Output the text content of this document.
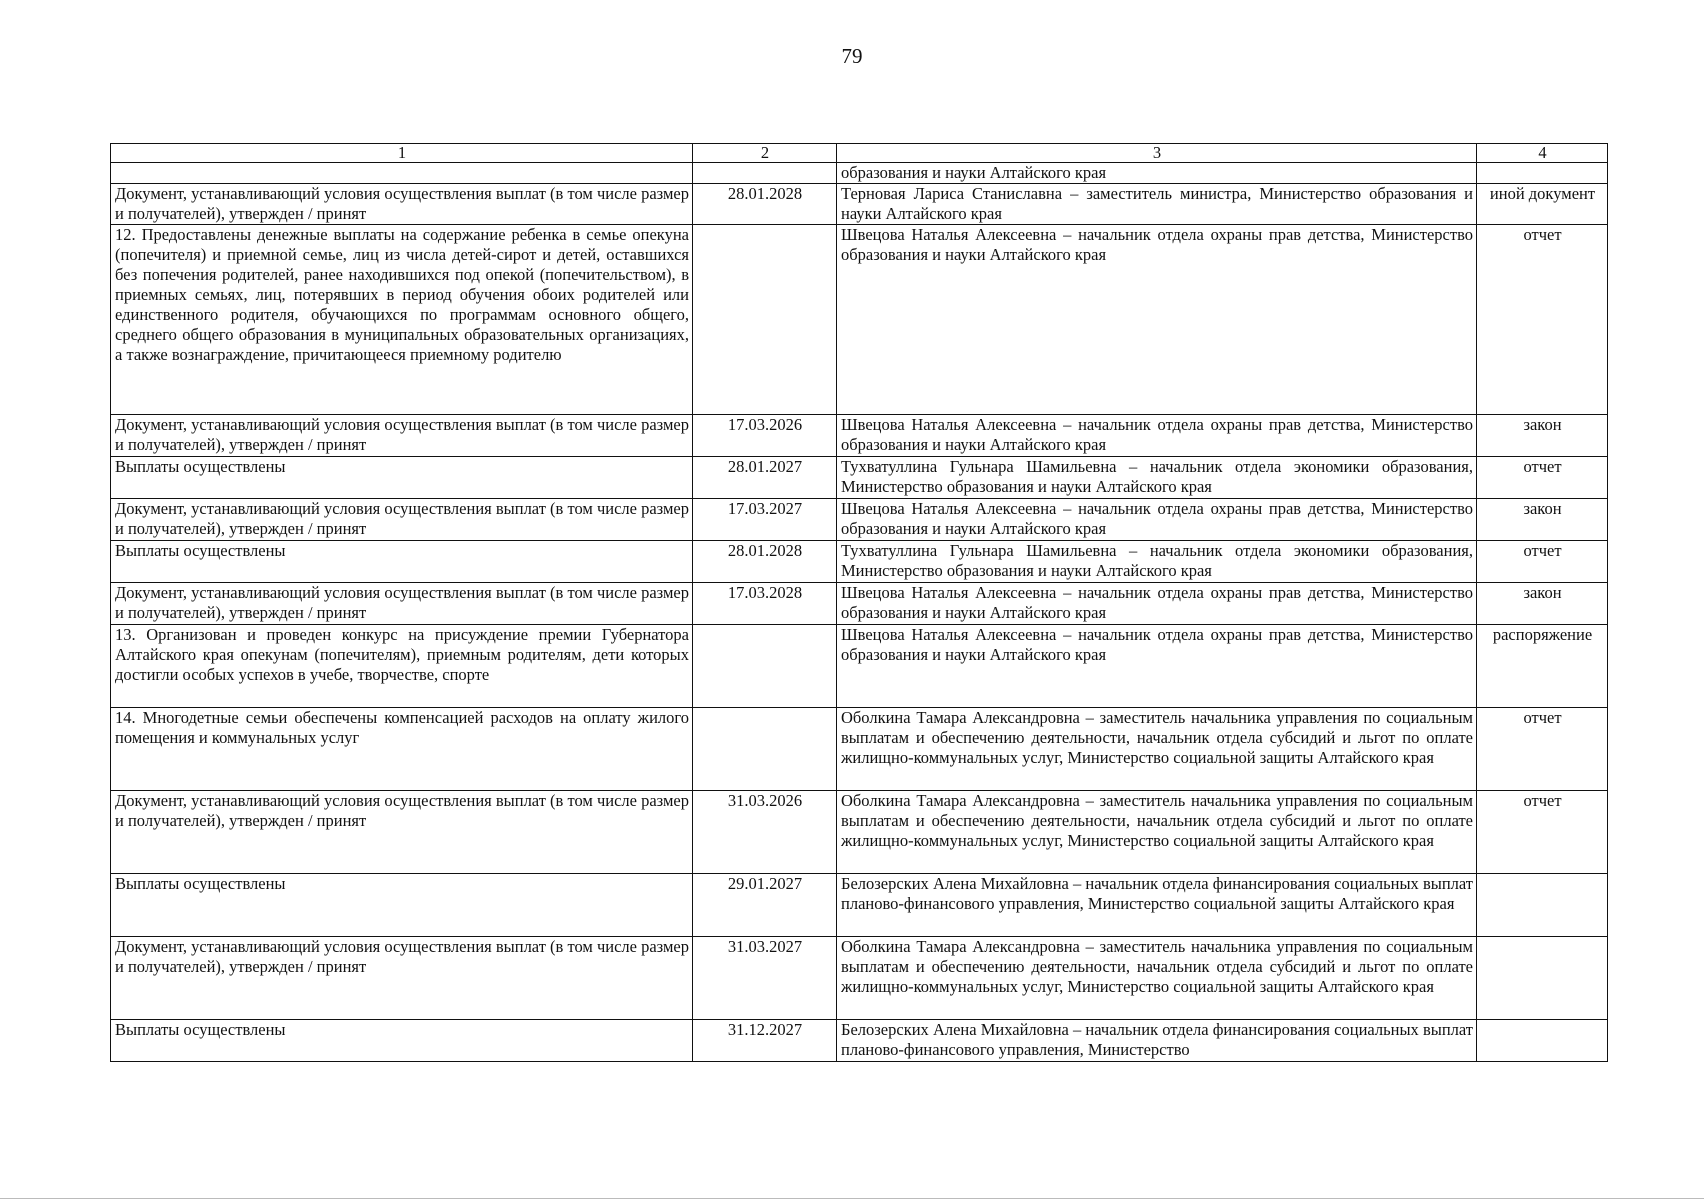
79
1	2	3	4
		образования и науки Алтайского края	
Документ, устанавливающий условия осуществления выплат (в том числе размер и получателей), утвержден / принят	28.01.2028	Терновая Лариса Станиславна – заместитель министра, Министерство образования и науки Алтайского края	иной документ
12. Предоставлены денежные выплаты на содержание ребенка в семье опекуна (попечителя) и приемной семье, лиц из числа детей-сирот и детей, оставшихся без попечения родителей, ранее находившихся под опекой (попечительством), в приемных семьях, лиц, потерявших в период обучения обоих родителей или единственного родителя, обучающихся по программам основного общего, среднего общего образования в муниципальных образовательных организациях, а также вознаграждение, причитающееся приемному родителю		Швецова Наталья Алексеевна – начальник отдела охраны прав детства, Министерство образования и науки Алтайского края	отчет
Документ, устанавливающий условия осуществления выплат (в том числе размер и получателей), утвержден / принят	17.03.2026	Швецова Наталья Алексеевна – начальник отдела охраны прав детства, Министерство образования и науки Алтайского края	закон
Выплаты осуществлены	28.01.2027	Тухватуллина Гульнара Шамильевна – начальник отдела экономики образования, Министерство образования и науки Алтайского края	отчет
Документ, устанавливающий условия осуществления выплат (в том числе размер и получателей), утвержден / принят	17.03.2027	Швецова Наталья Алексеевна – начальник отдела охраны прав детства, Министерство образования и науки Алтайского края	закон
Выплаты осуществлены	28.01.2028	Тухватуллина Гульнара Шамильевна – начальник отдела экономики образования, Министерство образования и науки Алтайского края	отчет
Документ, устанавливающий условия осуществления выплат (в том числе размер и получателей), утвержден / принят	17.03.2028	Швецова Наталья Алексеевна – начальник отдела охраны прав детства, Министерство образования и науки Алтайского края	закон
13. Организован и проведен конкурс на присуждение премии Губернатора Алтайского края опекунам (попечителям), приемным родителям, дети которых достигли особых успехов в учебе, творчестве, спорте		Швецова Наталья Алексеевна – начальник отдела охраны прав детства, Министерство образования и науки Алтайского края	распоряжение
14. Многодетные семьи обеспечены компенсацией расходов на оплату жилого помещения и коммунальных услуг		Оболкина Тамара Александровна – заместитель начальника управления по социальным выплатам и обеспечению деятельности, начальник отдела субсидий и льгот по оплате жилищно-коммунальных услуг, Министерство социальной защиты Алтайского края	отчет
Документ, устанавливающий условия осуществления выплат (в том числе размер и получателей), утвержден / принят	31.03.2026	Оболкина Тамара Александровна – заместитель начальника управления по социальным выплатам и обеспечению деятельности, начальник отдела субсидий и льгот по оплате жилищно-коммунальных услуг, Министерство социальной защиты Алтайского края	отчет
Выплаты осуществлены	29.01.2027	Белозерских Алена Михайловна – начальник отдела финансирования социальных выплат планово-финансового управления, Министерство социальной защиты Алтайского края	
Документ, устанавливающий условия осуществления выплат (в том числе размер и получателей), утвержден / принят	31.03.2027	Оболкина Тамара Александровна – заместитель начальника управления по социальным выплатам и обеспечению деятельности, начальник отдела субсидий и льгот по оплате жилищно-коммунальных услуг, Министерство социальной защиты Алтайского края	
Выплаты осуществлены	31.12.2027	Белозерских Алена Михайловна – начальник отдела финансирования социальных выплат планово-финансового управления, Министерство	
